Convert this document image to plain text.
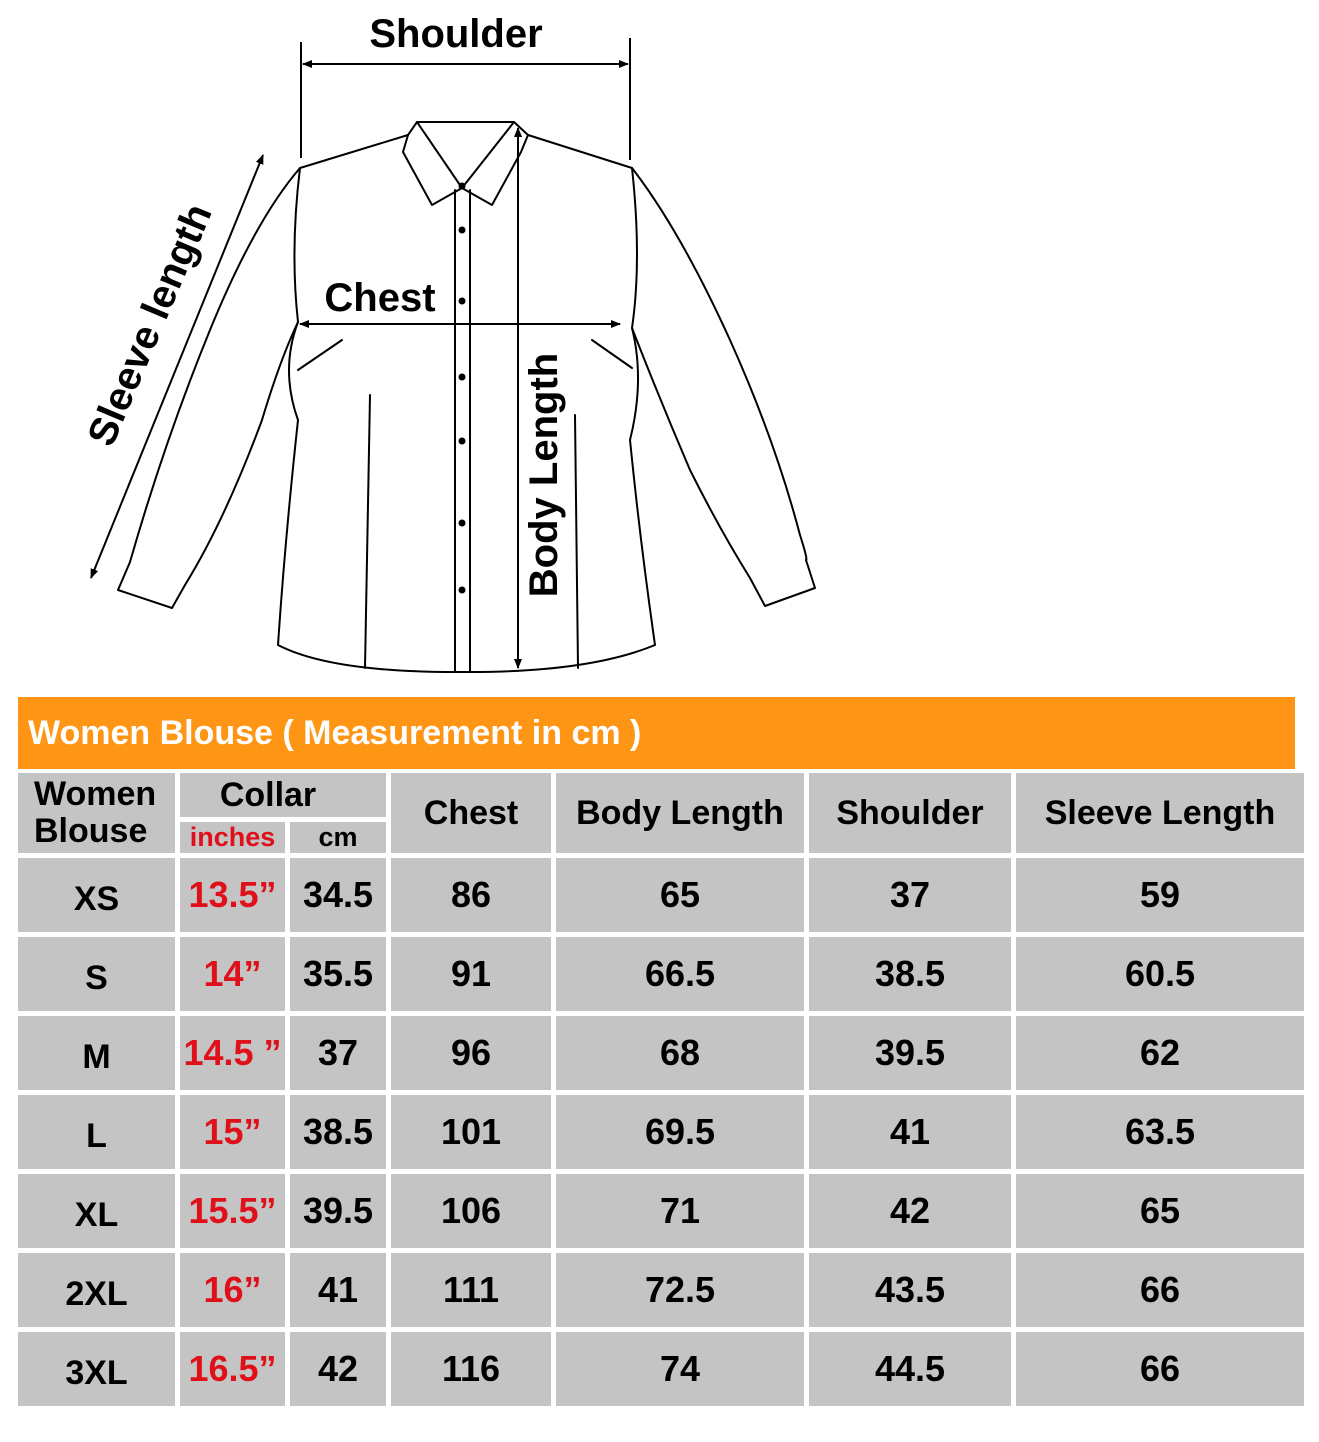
Shoulder
Chest
Sleeve length
Body Length
Women Blouse ( Measurement in cm )
Women
Blouse
Collar
inches	cm
Chest	Body Length	Shoulder	Sleeve Length
XS	13.5” 34.5	86	65	37	59
S	14”	35.5	91	66.5	38.5	60.5
M	14.5 ”	37	96	68	39.5	62
L	15”	38.5	101	69.5	41	63.5
XL	15.5” 39.5	106	71	42	65
2XL	16”	41	111	72.5	43.5	66
3XL	16.5”	42	116	74	44.5	66
